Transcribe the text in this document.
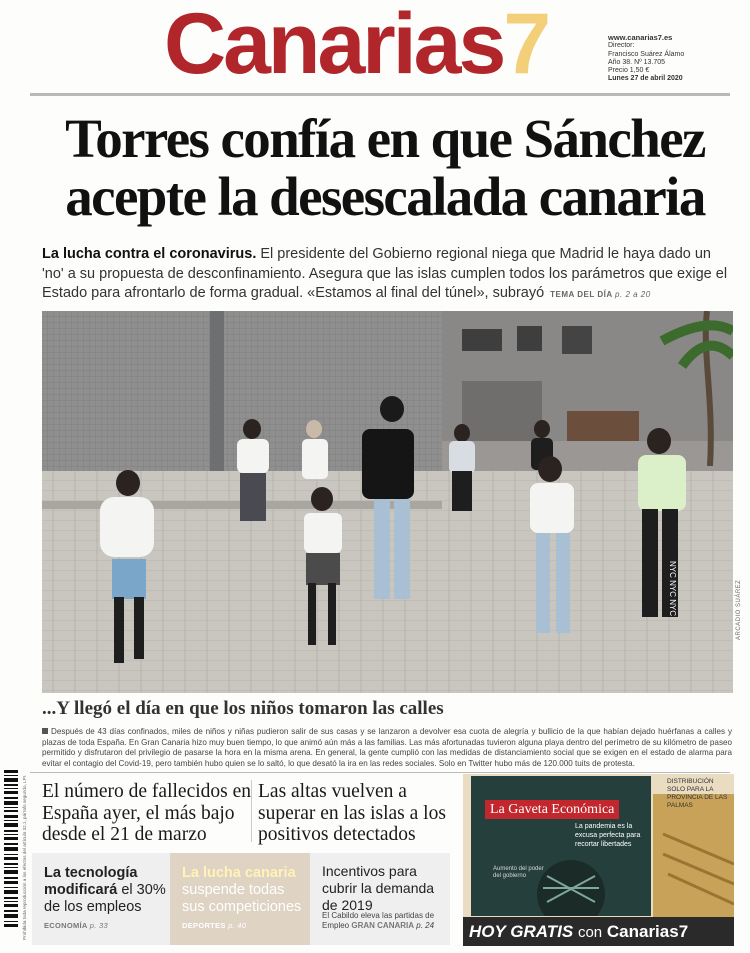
Canarias7	www.canarias7.es
Director:
Francisco Suárez Álamo
Año 38. Nº 13.705
Precio 1,50 €
Lunes 27 de abril 2020
Torres confía en que Sánchez
acepte la desescalada canaria
La lucha contra el coronavirus. El presidente del Gobierno regional niega que Madrid le haya dado un 'no' a su propuesta de desconfinamiento. Asegura que las islas cumplen todos los parámetros que exige el Estado para afrontarlo de forma gradual. «Estamos al final del túnel», subrayó TEMA DEL DÍA p. 2 a 20
NYC NYC NYC	ARCADIO SUÁREZ
...Y llegó el día en que los niños tomaron las calles
Después de 43 días confinados, miles de niños y niñas pudieron salir de sus casas y se lanzaron a devolver esa cuota de alegría y bullicio de la que habían dejado huérfanas a calles y plazas de toda España. En Gran Canaria hizo muy buen tiempo, lo que animó aún más a las familias. Las más afortunadas tuvieron alguna playa dentro del perímetro de su kilómetro de paseo permitido y disfrutaron del privilegio de pasarse la hora en la misma arena. En general, la gente cumplió con las medidas de distanciamiento social que se exigen en el estado de alarma para evitar el contagio del Covid-19, pero también hubo quien se lo saltó, lo que desató la ira en las redes sociales. Solo en Twitter hubo más de 120.000 tuits de protesta.
El número de fallecidos en España ayer, el más bajo desde el 21 de marzo
Las altas vuelven a superar en las islas a los positivos detectados
La tecnología modificará el 30% de los empleos
ECONOMÍA p. 33
La lucha canaria suspende todas sus competiciones
DEPORTES p. 40
Incentivos para cubrir la demanda de 2019
El Cabildo eleva las partidas de Empleo GRAN CANARIA p. 24
Prohibida toda reproducción a los efectos del artículo 32.1, párrafo segundo, LPI.	La Gaveta Económica
La pandemia es la excusa perfecta para recortar libertades
Aumento del poder del gobierno
DISTRIBUCIÓN SOLO PARA LA PROVINCIA DE LAS PALMAS
HOY GRATIS con Canarias7
